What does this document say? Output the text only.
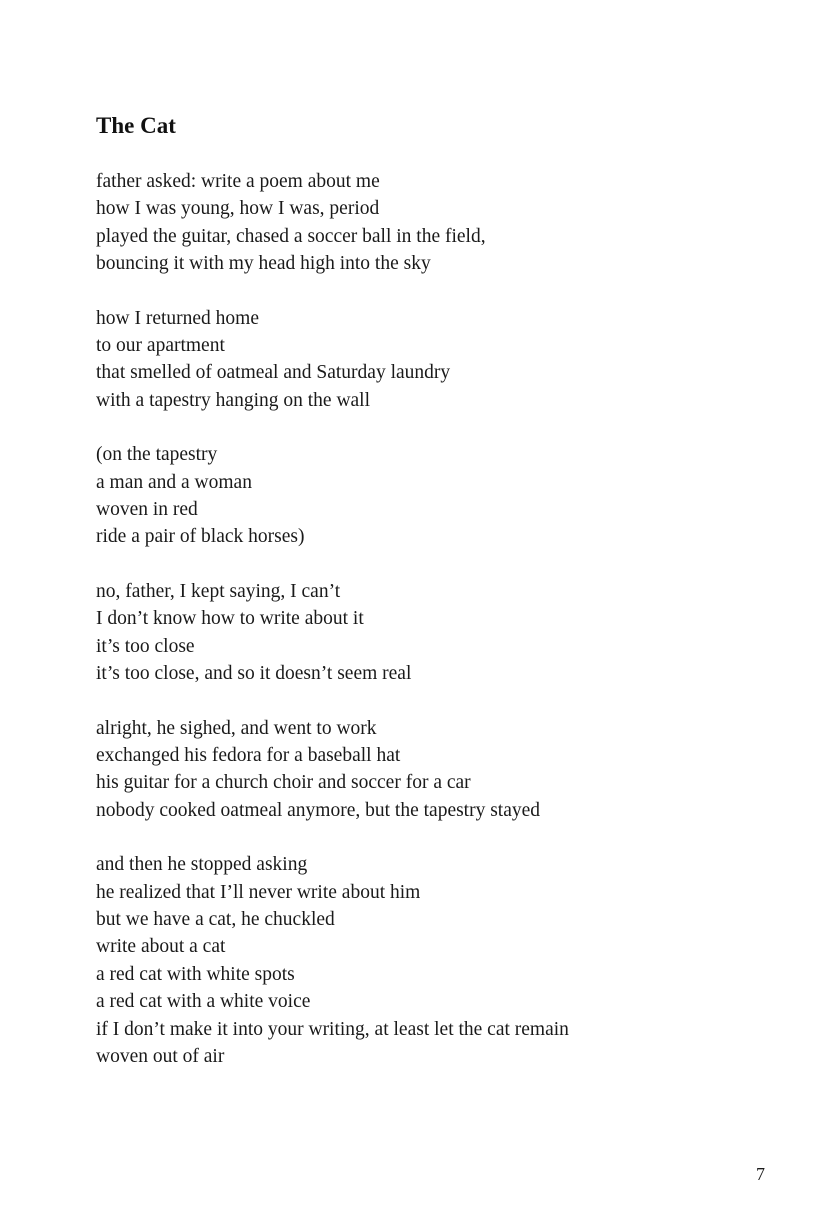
The Cat
father asked: write a poem about me
how I was young, how I was, period
played the guitar, chased a soccer ball in the field,
bouncing it with my head high into the sky
how I returned home
to our apartment
that smelled of oatmeal and Saturday laundry
with a tapestry hanging on the wall
(on the tapestry
a man and a woman
woven in red
ride a pair of black horses)
no, father, I kept saying, I can’t
I don’t know how to write about it
it’s too close
it’s too close, and so it doesn’t seem real
alright, he sighed, and went to work
exchanged his fedora for a baseball hat
his guitar for a church choir and soccer for a car
nobody cooked oatmeal anymore, but the tapestry stayed
and then he stopped asking
he realized that I’ll never write about him
but we have a cat, he chuckled
write about a cat
a red cat with white spots
a red cat with a white voice
if I don’t make it into your writing, at least let the cat remain
woven out of air
7
